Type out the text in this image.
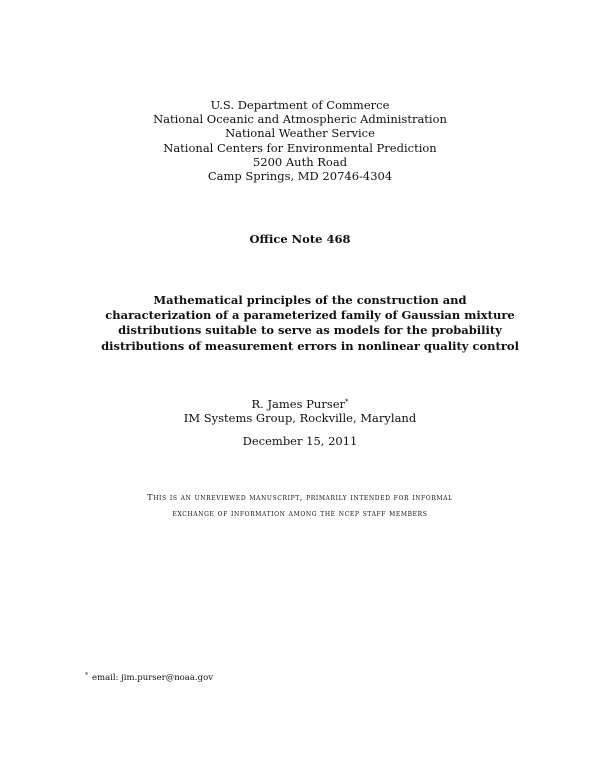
U.S. Department of Commerce
National Oceanic and Atmospheric Administration
National Weather Service
National Centers for Environmental Prediction
5200 Auth Road
Camp Springs, MD 20746-4304
Office Note 468
Mathematical principles of the construction and characterization of a parameterized family of Gaussian mixture distributions suitable to serve as models for the probability distributions of measurement errors in nonlinear quality control
R. James Purser*
IM Systems Group, Rockville, Maryland
December 15, 2011
This is an unreviewed manuscript, primarily intended for informal
exchange of information among the ncep staff members
* email: jim.purser@noaa.gov
